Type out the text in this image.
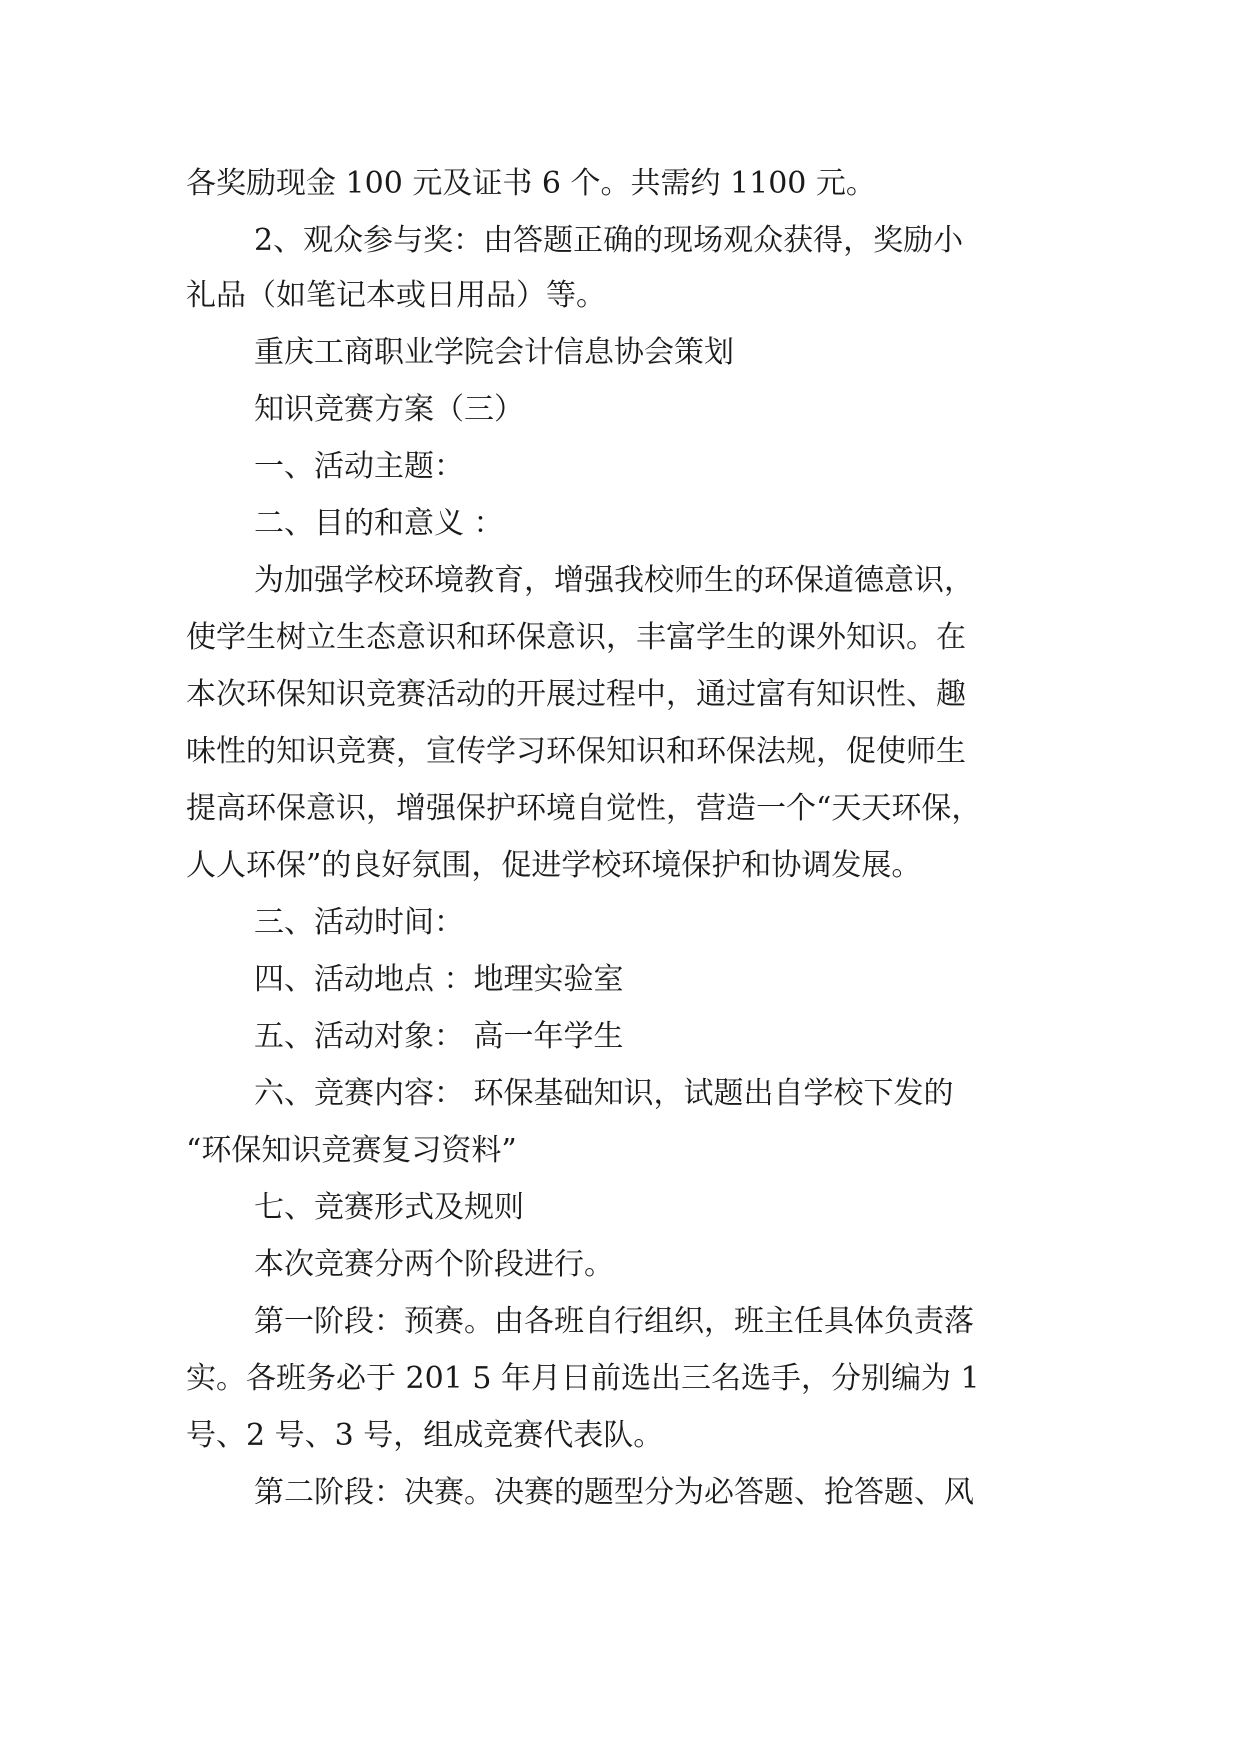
各奖励现金 100 元及证书 6 个。共需约 1100 元。
2、观众参与奖：由答题正确的现场观众获得，奖励小
礼品（如笔记本或日用品）等。
重庆工商职业学院会计信息协会策划
知识竞赛方案（三）
一、活动主题：
二、目的和意义 ：
为加强学校环境教育，增强我校师生的环保道德意识，
使学生树立生态意识和环保意识，丰富学生的课外知识。在
本次环保知识竞赛活动的开展过程中，通过富有知识性、趣
味性的知识竞赛，宣传学习环保知识和环保法规，促使师生
提高环保意识，增强保护环境自觉性，营造一个“天天环保，
人人环保”的良好氛围，促进学校环境保护和协调发展。
三、活动时间：
四、活动地点 ：地理实验室
五、活动对象： 高一年学生
六、竞赛内容： 环保基础知识，试题出自学校下发的
“环保知识竞赛复习资料”
七、竞赛形式及规则
本次竞赛分两个阶段进行。
第一阶段：预赛。由各班自行组织，班主任具体负责落
实。各班务必于 201 5 年月日前选出三名选手，分别编为 1
号、2 号、3 号，组成竞赛代表队。
第二阶段：决赛。决赛的题型分为必答题、抢答题、风
